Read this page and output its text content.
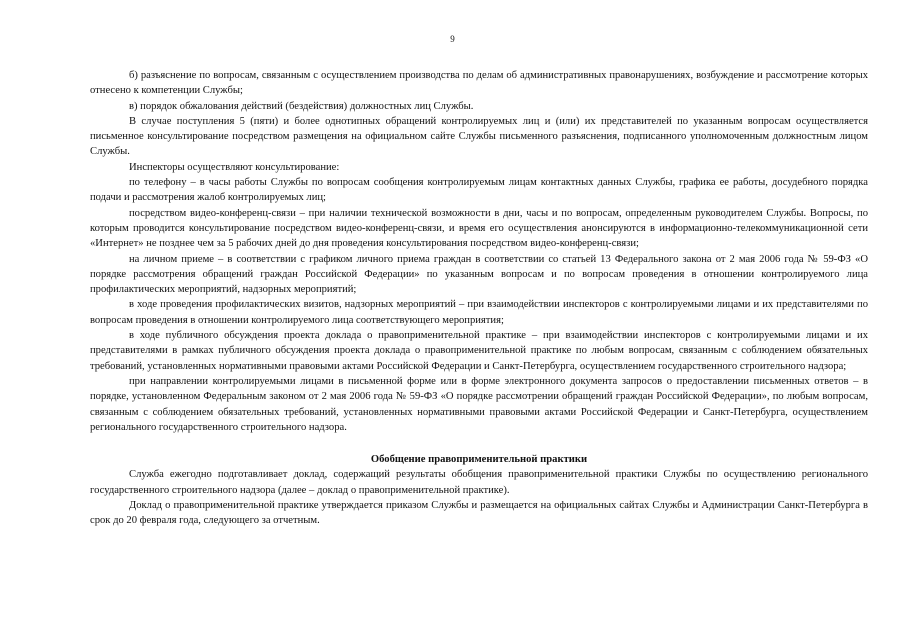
9

б) разъяснение по вопросам, связанным с осуществлением производства по делам об административных правонарушениях, возбуждение и рассмотрение которых отнесено к компетенции Службы;

в) порядок обжалования действий (бездействия) должностных лиц Службы.

В случае поступления 5 (пяти) и более однотипных обращений контролируемых лиц и (или) их представителей по указанным вопросам осуществляется письменное консультирование посредством размещения на официальном сайте Службы письменного разъяснения, подписанного уполномоченным должностным лицом Службы.

Инспекторы осуществляют консультирование:

по телефону – в часы работы Службы по вопросам сообщения контролируемым лицам контактных данных Службы, графика ее работы, досудебного порядка подачи и рассмотрения жалоб контролируемых лиц;

посредством видео-конференц-связи – при наличии технической возможности в дни, часы и по вопросам, определенным руководителем Службы. Вопросы, по которым проводится консультирование посредством видео-конференц-связи, и время его осуществления анонсируются в информационно-телекоммуникационной сети «Интернет» не позднее чем за 5 рабочих дней до дня проведения консультирования посредством видео-конференц-связи;

на личном приеме – в соответствии с графиком личного приема граждан в соответствии со статьей 13 Федерального закона от 2 мая 2006 года № 59-ФЗ «О порядке рассмотрения обращений граждан Российской Федерации» по указанным вопросам и по вопросам проведения в отношении контролируемого лица профилактических мероприятий, надзорных мероприятий;

в ходе проведения профилактических визитов, надзорных мероприятий – при взаимодействии инспекторов с контролируемыми лицами и их представителями по вопросам проведения в отношении контролируемого лица соответствующего мероприятия;

в ходе публичного обсуждения проекта доклада о правоприменительной практике – при взаимодействии инспекторов с контролируемыми лицами и их представителями в рамках публичного обсуждения проекта доклада о правоприменительной практике по любым вопросам, связанным с соблюдением обязательных требований, установленных нормативными правовыми актами Российской Федерации и Санкт-Петербурга, осуществлением государственного строительного надзора;

при направлении контролируемыми лицами в письменной форме или в форме электронного документа запросов о предоставлении письменных ответов – в порядке, установленном Федеральным законом от 2 мая 2006 года № 59-ФЗ «О порядке рассмотрении обращений граждан Российской Федерации», по любым вопросам, связанным с соблюдением обязательных требований, установленных нормативными правовыми актами Российской Федерации и Санкт-Петербурга, осуществлением регионального государственного строительного надзора.

Обобщение правоприменительной практики

Служба ежегодно подготавливает доклад, содержащий результаты обобщения правоприменительной практики Службы по осуществлению регионального государственного строительного надзора (далее – доклад о правоприменительной практике).

Доклад о правоприменительной практике утверждается приказом Службы и размещается на официальных сайтах Службы и Администрации Санкт-Петербурга в срок до 20 февраля года, следующего за отчетным.
